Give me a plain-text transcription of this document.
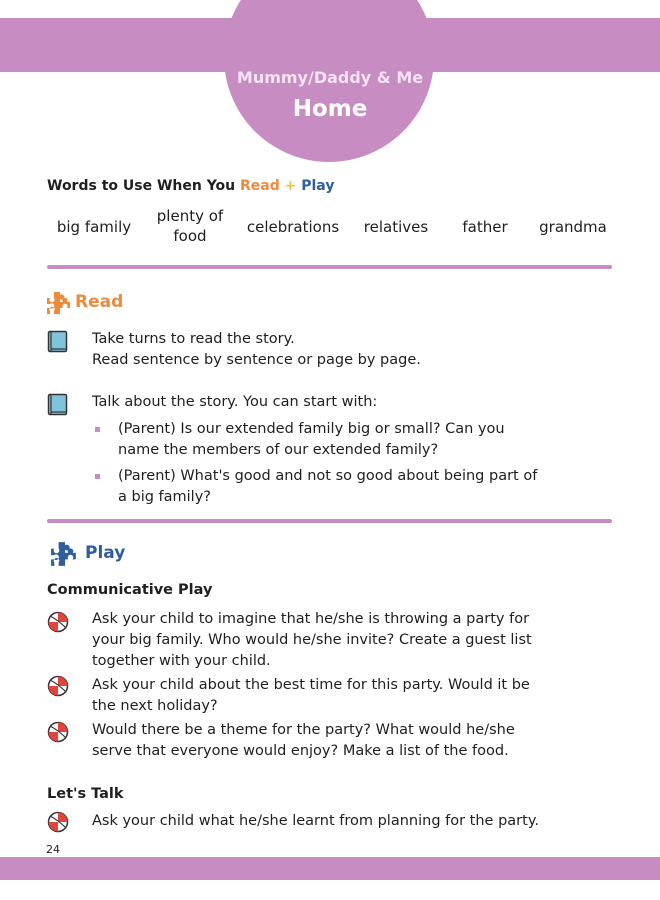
Mummy/Daddy & Me
Home
Words to Use When You Read + Play
big family
plenty of
food	celebrations	relatives	father	grandma
Read
Take turns to read the story.
Read sentence by sentence or page by page.
Talk about the story. You can start with:
(Parent) Is our extended family big or small? Can you
name the members of our extended family?
(Parent) What's good and not so good about being part of
a big family?
Play
Communicative Play
Ask your child to imagine that he/she is throwing a party for
your big family. Who would he/she invite? Create a guest list
together with your child.
Ask your child about the best time for this party. Would it be
the next holiday?
Would there be a theme for the party? What would he/she
serve that everyone would enjoy? Make a list of the food.
Let's Talk
Ask your child what he/she learnt from planning for the party.
24
